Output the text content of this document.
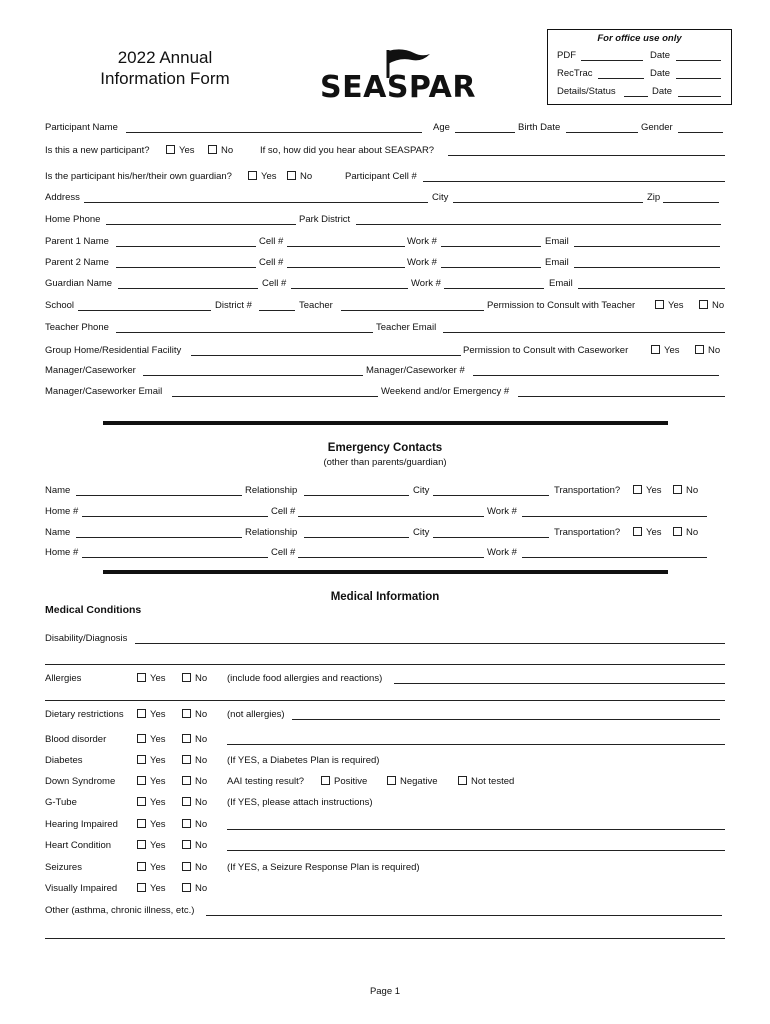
2022 Annual
Information Form	SEASPAR
For office use only
PDF	Date
RecTrac	Date
Details/Status	Date
Participant Name	Age	Birth Date	Gender
Is this a new participant?	Yes	No	If so, how did you hear about SEASPAR?
Is the participant his/her/their own guardian?	Yes	No	Participant Cell #
Address	City	Zip
Home Phone	Park District
Parent 1 Name	Cell #	Work #	Email
Parent 2 Name	Cell #	Work #	Email
Guardian Name	Cell #	Work #	Email
School	District #	Teacher	Permission to Consult with Teacher	Yes	No
Teacher Phone	Teacher Email
Group Home/Residential Facility	Permission to Consult with Caseworker	Yes	No
Manager/Caseworker	Manager/Caseworker #
Manager/Caseworker Email	Weekend and/or Emergency #
Emergency Contacts
(other than parents/guardian)
Name	Relationship	City	Transportation?	Yes	No
Home #	Cell #	Work #
Name	Relationship	City	Transportation?	Yes	No
Home #	Cell #	Work #
Medical Information
Medical Conditions
Disability/Diagnosis
Allergies	Yes	No (include food allergies and reactions)
Dietary restrictions	Yes	No (not allergies)
Blood disorder	Yes	No
Diabetes	Yes	No (If YES, a Diabetes Plan is required)
Down Syndrome	Yes	No AAI testing result?	Positive	Negative	Not tested
G-Tube	Yes	No (If YES, please attach instructions)
Hearing Impaired	Yes	No
Heart Condition	Yes	No
Seizures	Yes	No (If YES, a Seizure Response Plan is required)
Visually Impaired	Yes	No
Other (asthma, chronic illness, etc.)
Page 1
